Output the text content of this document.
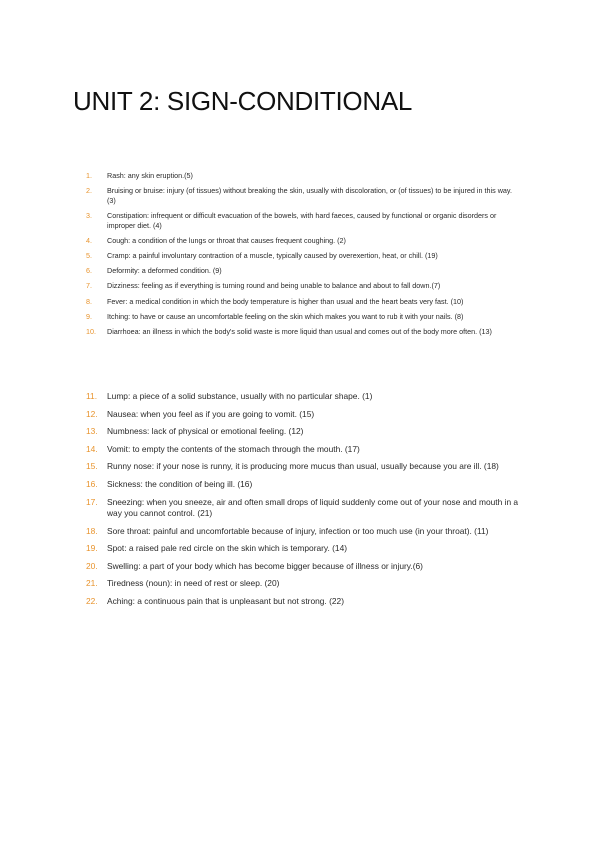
UNIT 2: SIGN-CONDITIONAL
1. Rash: any skin eruption.(5)
2. Bruising or bruise: injury (of tissues) without breaking the skin, usually with discoloration, or (of tissues) to be injured in this way. (3)
3. Constipation: infrequent or difficult evacuation of the bowels, with hard faeces, caused by functional or organic disorders or improper diet. (4)
4. Cough: a condition of the lungs or throat that causes frequent coughing. (2)
5. Cramp: a painful involuntary contraction of a muscle, typically caused by overexertion, heat, or chill. (19)
6. Deformity: a deformed condition. (9)
7. Dizziness: feeling as if everything is turning round and being unable to balance and about to fall down.(7)
8. Fever: a medical condition in which the body temperature is higher than usual and the heart beats very fast. (10)
9. Itching: to have or cause an uncomfortable feeling on the skin which makes you want to rub it with your nails. (8)
10. Diarrhoea: an illness in which the body's solid waste is more liquid than usual and comes out of the body more often. (13)
11. Lump: a piece of a solid substance, usually with no particular shape. (1)
12. Nausea: when you feel as if you are going to vomit. (15)
13. Numbness: lack of physical or emotional feeling. (12)
14. Vomit: to empty the contents of the stomach through the mouth. (17)
15. Runny nose: if your nose is runny, it is producing more mucus than usual, usually because you are ill. (18)
16. Sickness: the condition of being ill. (16)
17. Sneezing: when you sneeze, air and often small drops of liquid suddenly come out of your nose and mouth in a way you cannot control. (21)
18. Sore throat: painful and uncomfortable because of injury, infection or too much use (in your throat). (11)
19. Spot: a raised pale red circle on the skin which is temporary. (14)
20. Swelling: a part of your body which has become bigger because of illness or injury.(6)
21. Tiredness (noun): in need of rest or sleep. (20)
22. Aching: a continuous pain that is unpleasant but not strong. (22)
